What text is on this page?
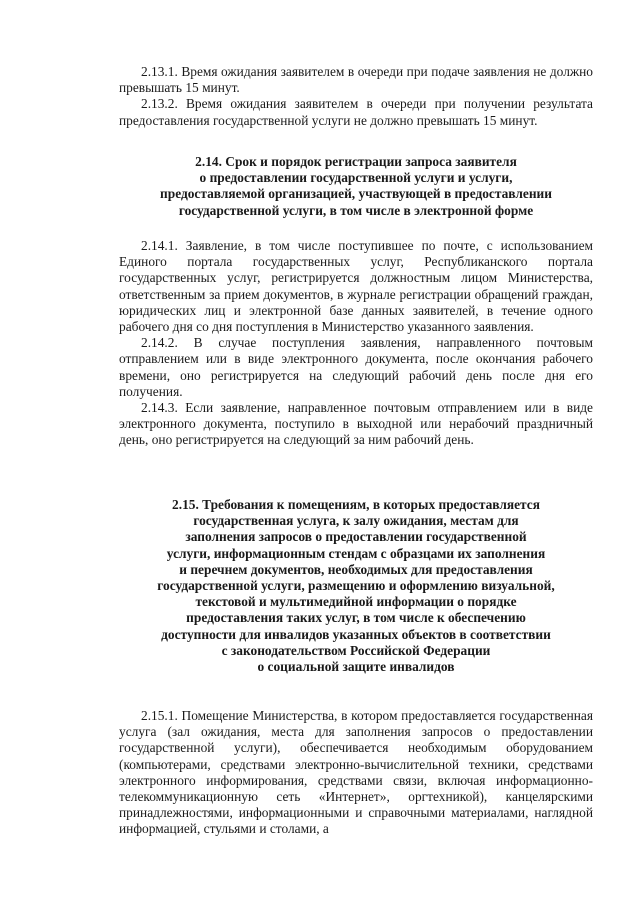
2.13.1. Время ожидания заявителем в очереди при подаче заявления не должно превышать 15 минут.

2.13.2. Время ожидания заявителем в очереди при получении результата предоставления государственной услуги не должно превышать 15 минут.

2.14. Срок и порядок регистрации запроса заявителя
о предоставлении государственной услуги и услуги,
предоставляемой организацией, участвующей в предоставлении
государственной услуги, в том числе в электронной форме

2.14.1. Заявление, в том числе поступившее по почте, с использованием Единого портала государственных услуг, Республиканского портала государственных услуг, регистрируется должностным лицом Министерства, ответственным за прием документов, в журнале регистрации обращений граждан, юридических лиц и электронной базе данных заявителей, в течение одного рабочего дня со дня поступления в Министерство указанного заявления.

2.14.2. В случае поступления заявления, направленного почтовым отправлением или в виде электронного документа, после окончания рабочего времени, оно регистрируется на следующий рабочий день после дня его получения.

2.14.3. Если заявление, направленное почтовым отправлением или в виде электронного документа, поступило в выходной или нерабочий праздничный день, оно регистрируется на следующий за ним рабочий день.

2.15. Требования к помещениям, в которых предоставляется
государственная услуга, к залу ожидания, местам для
заполнения запросов о предоставлении государственной
услуги, информационным стендам с образцами их заполнения
и перечнем документов, необходимых для предоставления
государственной услуги, размещению и оформлению визуальной,
текстовой и мультимедийной информации о порядке
предоставления таких услуг, в том числе к обеспечению
доступности для инвалидов указанных объектов в соответствии
с законодательством Российской Федерации
о социальной защите инвалидов

2.15.1. Помещение Министерства, в котором предоставляется государственная услуга (зал ожидания, места для заполнения запросов о предоставлении государственной услуги), обеспечивается необходимым оборудованием (компьютерами, средствами электронно-вычислительной техники, средствами электронного информирования, средствами связи, включая информационно-телекоммуникационную сеть «Интернет», оргтехникой), канцелярскими принадлежностями, информационными и справочными материалами, наглядной информацией, стульями и столами, а
